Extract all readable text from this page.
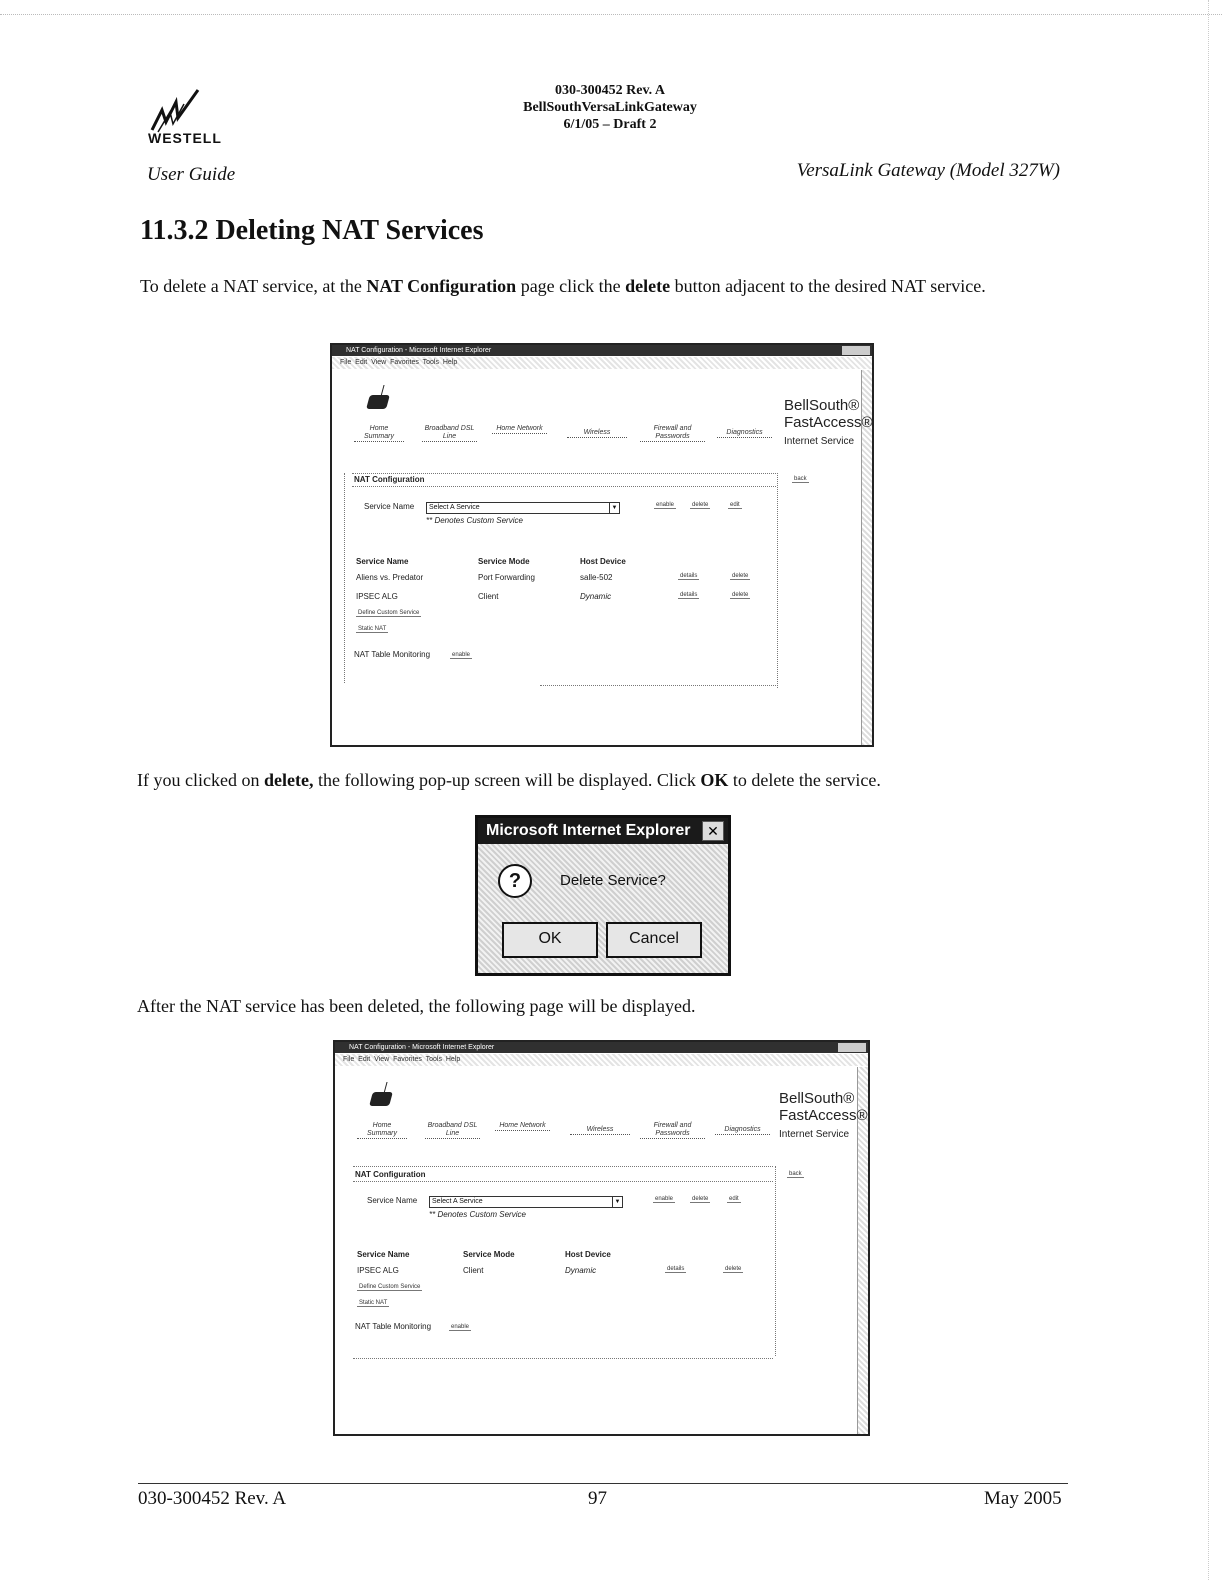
WESTELL
030-300452 Rev. A
BellSouthVersaLinkGateway
6/1/05 – Draft 2
User Guide	VersaLink Gateway (Model 327W)
11.3.2 Deleting NAT Services
To delete a NAT service, at the NAT Configuration page click the delete button adjacent to the desired NAT service.
NAT Configuration - Microsoft Internet Explorer
File Edit View Favorites Tools Help
Home Summary
Broadband DSL Line
Home Network
Wireless
Firewall and Passwords
Diagnostics
BellSouth®
FastAccess®
Internet Service
NAT Configuration	back
Service Name	Select A Service	▼
** Denotes Custom Service
enable	delete	edit
Service Name	Service Mode	Host Device
Aliens vs. Predator	Port Forwarding	salle-502	details	delete
IPSEC ALG	Client	Dynamic	details	delete
Define Custom Service
Static NAT
NAT Table Monitoring	enable
If you clicked on delete, the following pop-up screen will be displayed. Click OK to delete the service.
Microsoft Internet Explorer	✕
?	Delete Service?
OK	Cancel
After the NAT service has been deleted, the following page will be displayed.
NAT Configuration - Microsoft Internet Explorer
File Edit View Favorites Tools Help
Home Summary
Broadband DSL Line
Home Network
Wireless
Firewall and Passwords
Diagnostics
BellSouth®
FastAccess®
Internet Service
NAT Configuration	back
Service Name	Select A Service	▼
** Denotes Custom Service
enable	delete	edit
Service Name	Service Mode	Host Device
IPSEC ALG	Client	Dynamic	details	delete
Define Custom Service
Static NAT
NAT Table Monitoring	enable
030-300452 Rev. A	97	May 2005
